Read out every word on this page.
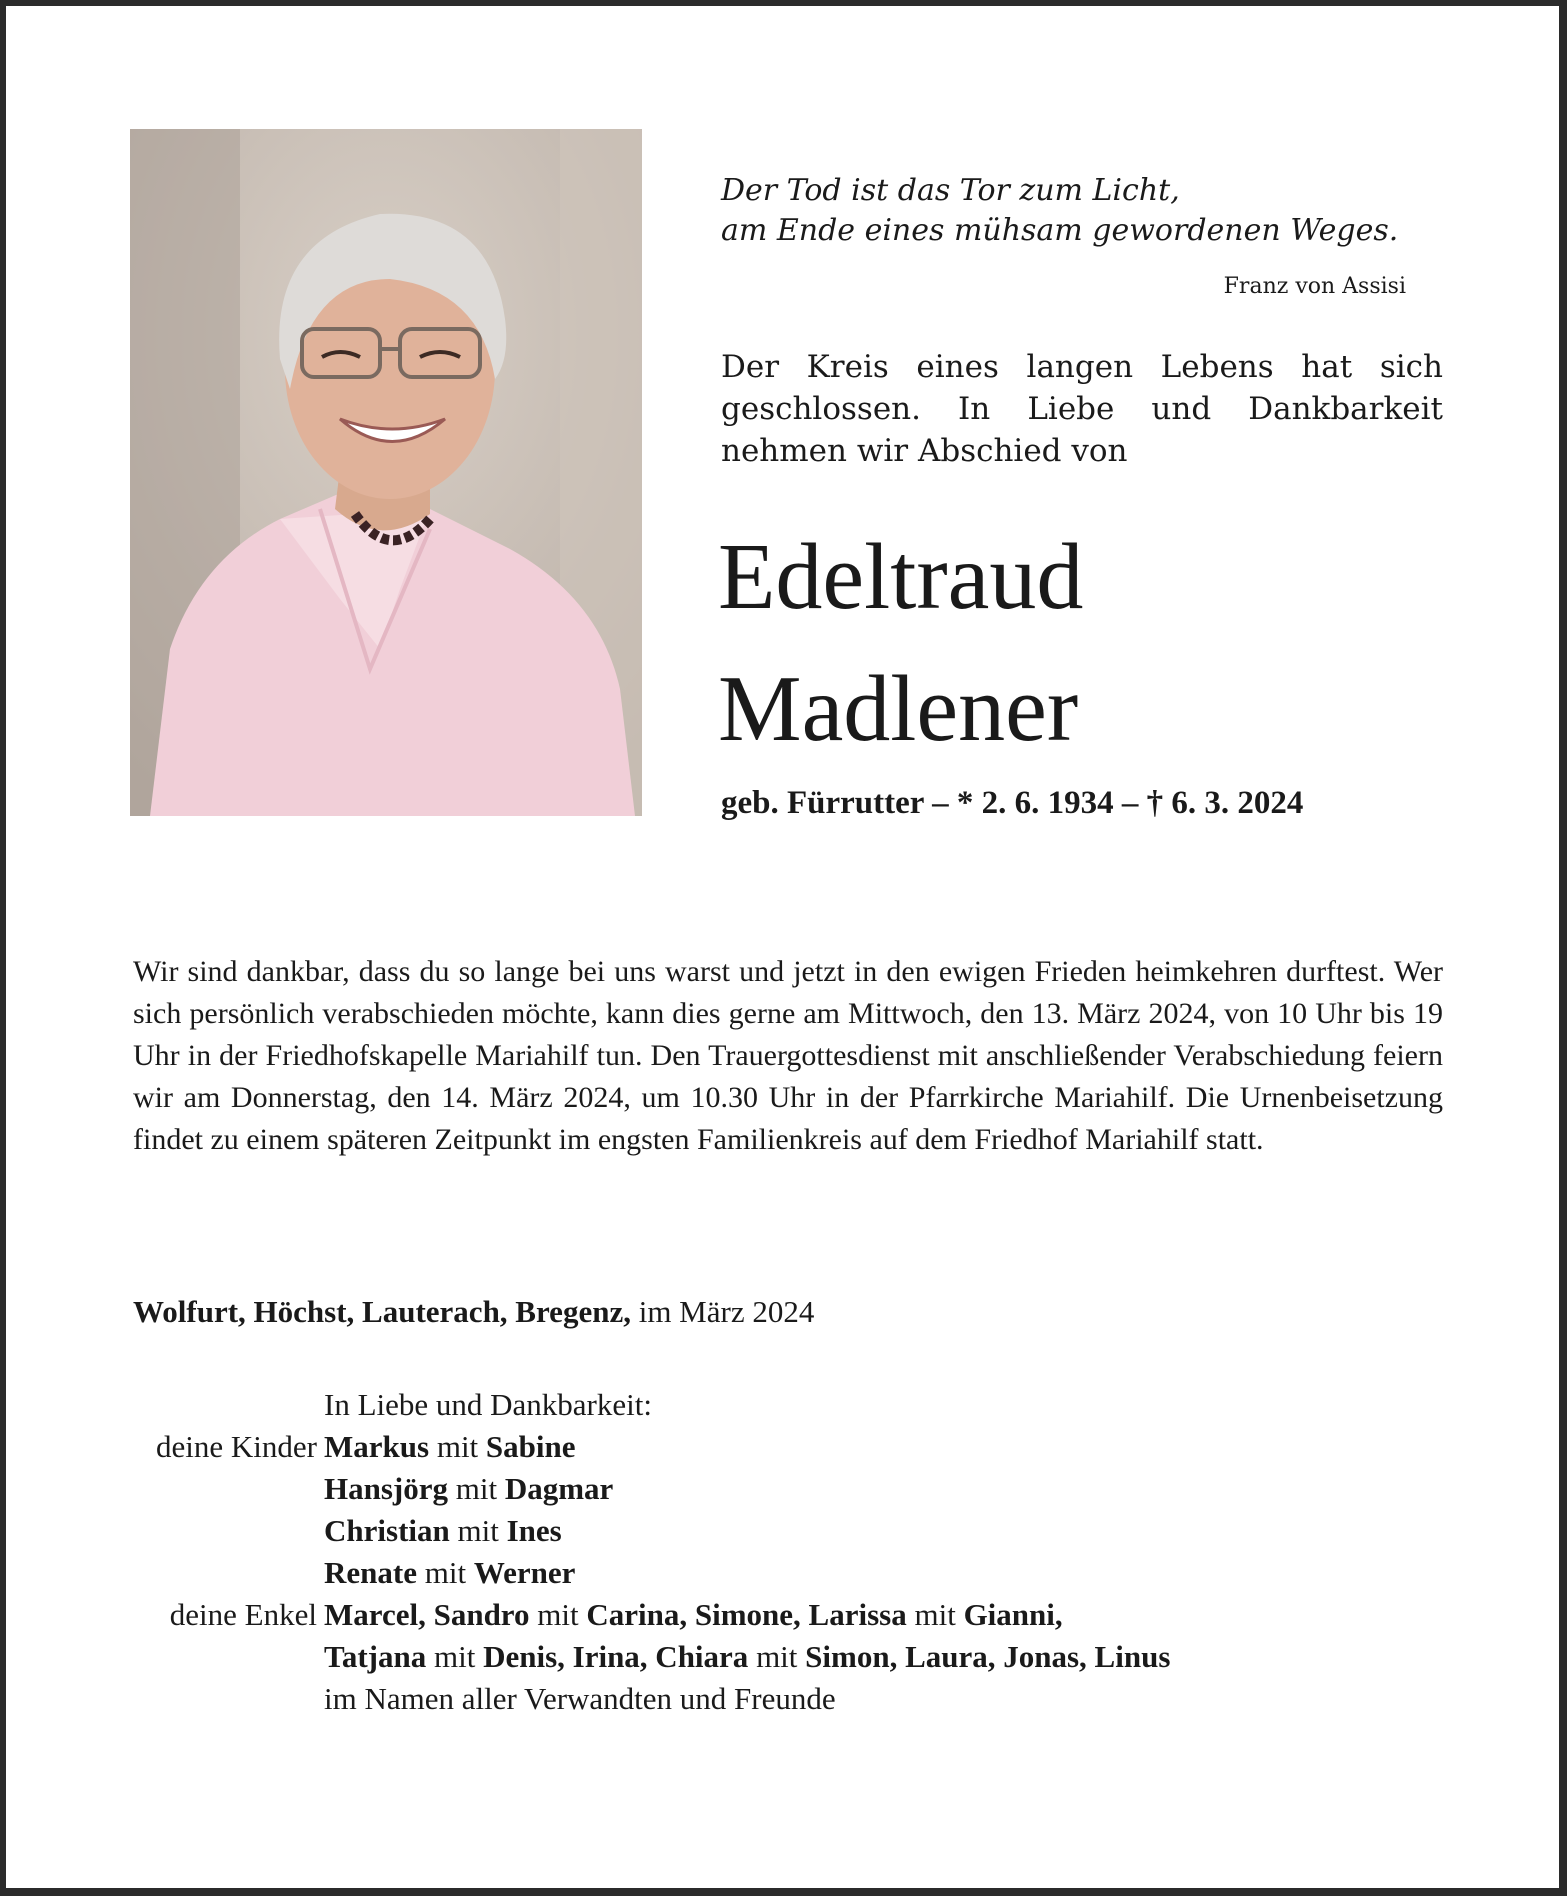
Der Tod ist das Tor zum Licht,
am Ende eines mühsam gewordenen Weges.
Franz von Assisi
Der Kreis eines langen Lebens hat sich geschlossen. In Liebe und Dankbarkeit nehmen wir Abschied von
Edeltraud
Madlener
geb. Fürrutter – * 2. 6. 1934 – † 6. 3. 2024
Wir sind dankbar, dass du so lange bei uns warst und jetzt in den ewigen Frieden heimkehren durftest. Wer sich persönlich verabschieden möchte, kann dies gerne am Mittwoch, den 13. März 2024, von 10 Uhr bis 19 Uhr in der Friedhofskapelle Mariahilf tun. Den Trauergottesdienst mit anschließender Verabschiedung feiern wir am Donnerstag, den 14. März 2024, um 10.30 Uhr in der Pfarrkirche Mariahilf. Die Urnenbeisetzung findet zu einem späteren Zeitpunkt im engsten Familienkreis auf dem Friedhof Mariahilf statt.
Wolfurt, Höchst, Lauterach, Bregenz, im März 2024
In Liebe und Dankbarkeit:
deine Kinder Markus mit Sabine
Hansjörg mit Dagmar
Christian mit Ines
Renate mit Werner
deine Enkel Marcel, Sandro mit Carina, Simone, Larissa mit Gianni,
Tatjana mit Denis, Irina, Chiara mit Simon, Laura, Jonas, Linus
im Namen aller Verwandten und Freunde
